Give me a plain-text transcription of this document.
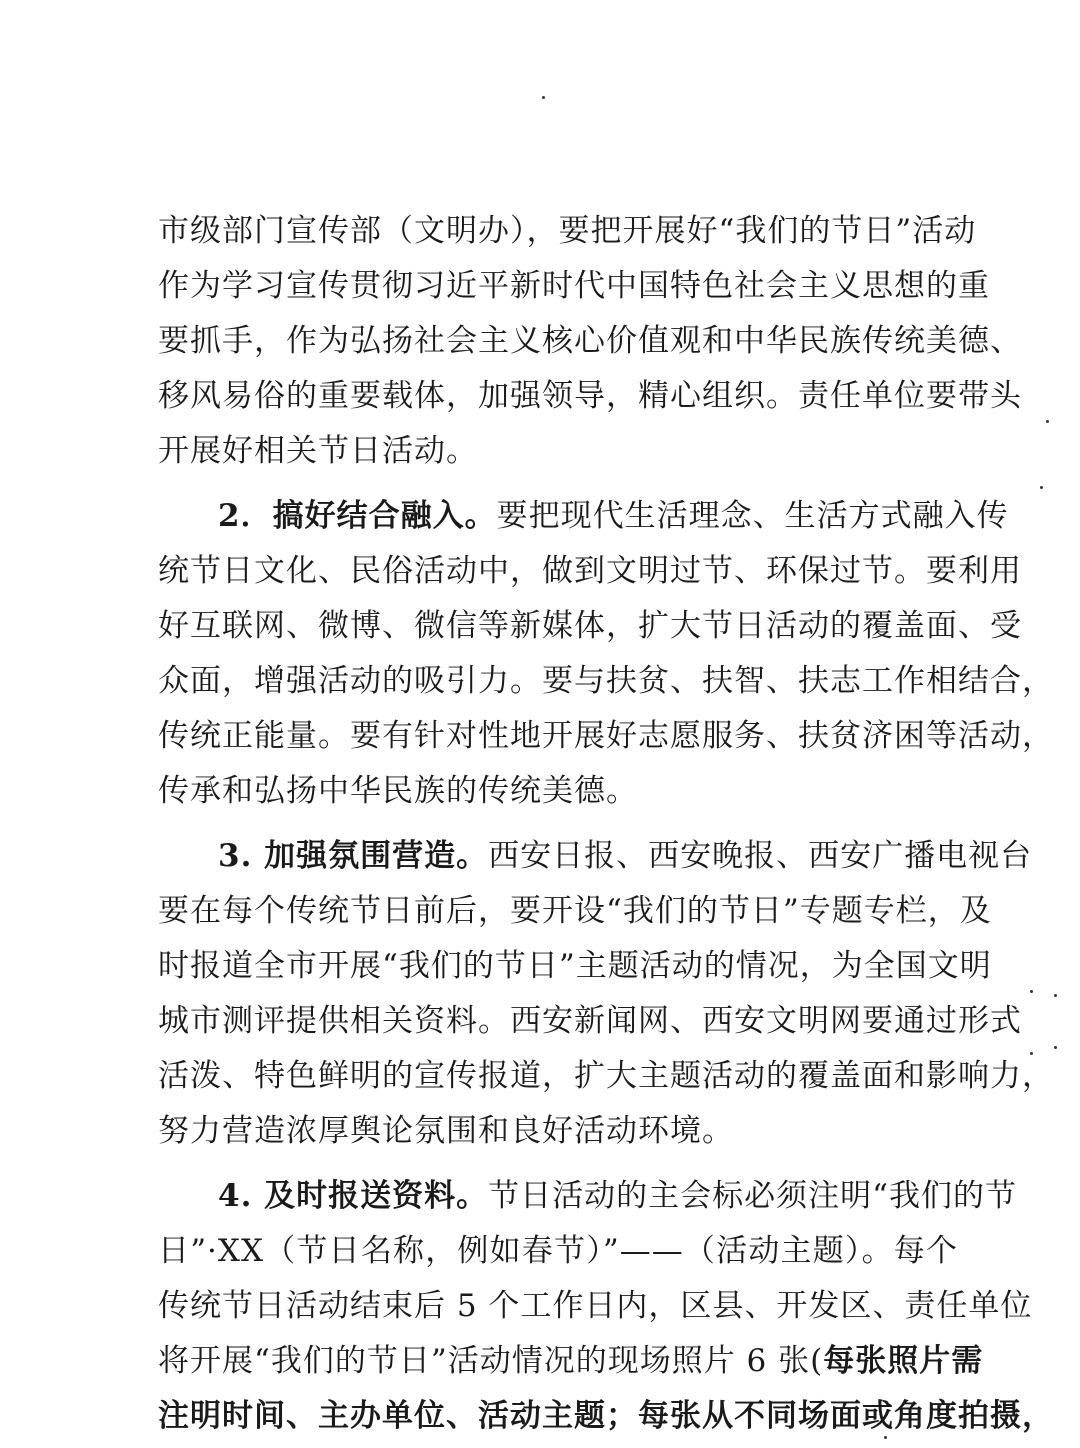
市级部门宣传部（文明办），要把开展好“我们的节日”活动
作为学习宣传贯彻习近平新时代中国特色社会主义思想的重
要抓手，作为弘扬社会主义核心价值观和中华民族传统美德、
移风易俗的重要载体，加强领导，精心组织。责任单位要带头
开展好相关节日活动。
2．搞好结合融入。要把现代生活理念、生活方式融入传
统节日文化、民俗活动中，做到文明过节、环保过节。要利用
好互联网、微博、微信等新媒体，扩大节日活动的覆盖面、受
众面，增强活动的吸引力。要与扶贫、扶智、扶志工作相结合，
传统正能量。要有针对性地开展好志愿服务、扶贫济困等活动，
传承和弘扬中华民族的传统美德。
3. 加强氛围营造。西安日报、西安晚报、西安广播电视台
要在每个传统节日前后，要开设“我们的节日”专题专栏，及
时报道全市开展“我们的节日”主题活动的情况，为全国文明
城市测评提供相关资料。西安新闻网、西安文明网要通过形式
活泼、特色鲜明的宣传报道，扩大主题活动的覆盖面和影响力，
努力营造浓厚舆论氛围和良好活动环境。
4. 及时报送资料。节日活动的主会标必须注明“我们的节
日”·XX（节日名称，例如春节）”——（活动主题）。每个
传统节日活动结束后 5 个工作日内，区县、开发区、责任单位
将开展“我们的节日”活动情况的现场照片 6 张(每张照片需
注明时间、主办单位、活动主题；每张从不同场面或角度拍摄，
